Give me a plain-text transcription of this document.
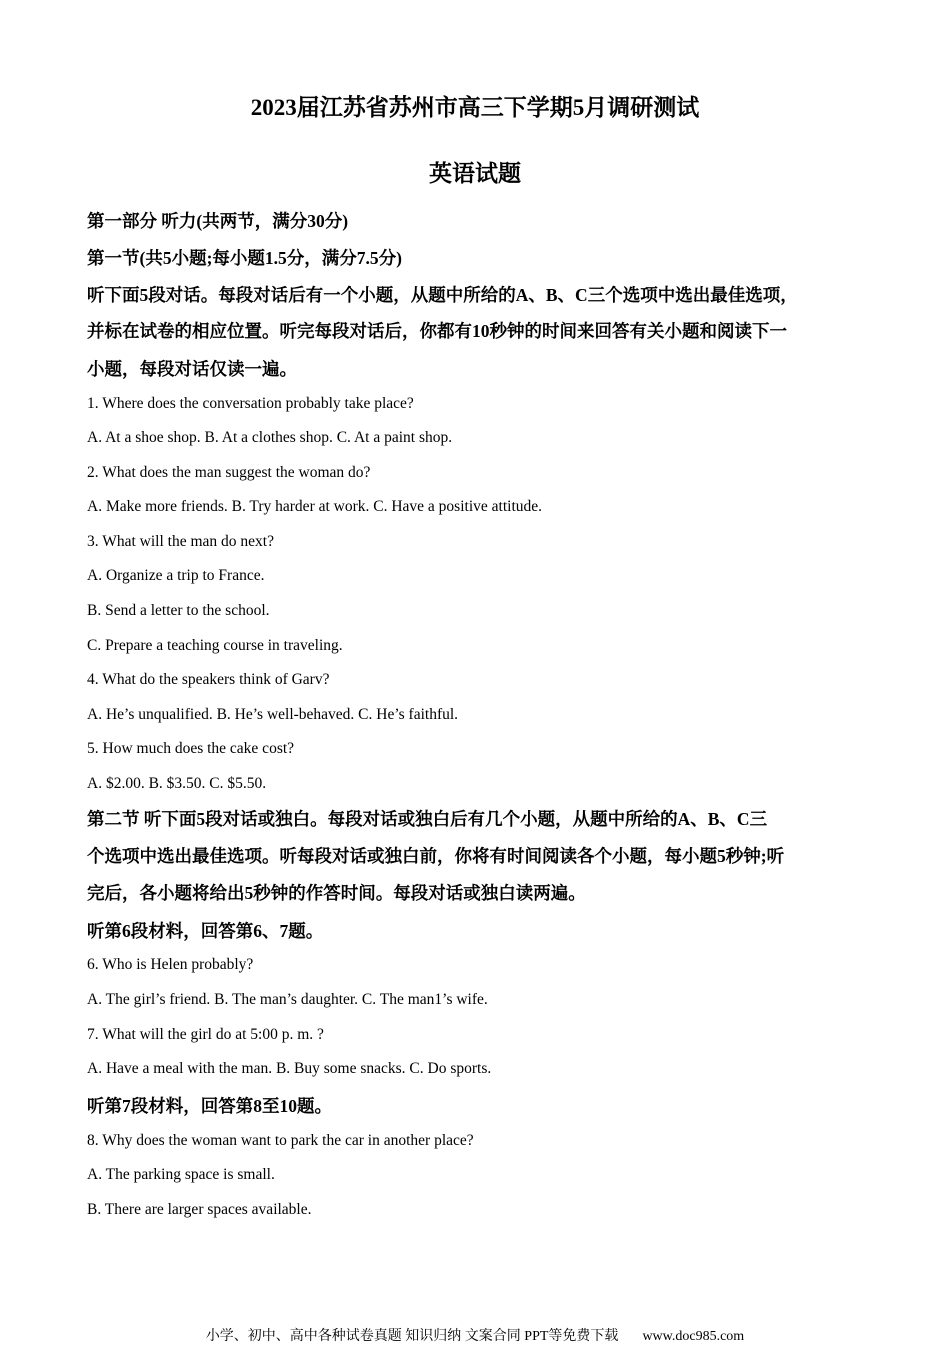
2023届江苏省苏州市高三下学期5月调研测试
英语试题
第一部分 听力(共两节，满分30分)
第一节(共5小题;每小题1.5分，满分7.5分)
听下面5段对话。每段对话后有一个小题，从题中所给的A、B、C三个选项中选出最佳选项，
并标在试卷的相应位置。听完每段对话后，你都有10秒钟的时间来回答有关小题和阅读下一
小题，每段对话仅读一遍。
1. Where does the conversation probably take place?
A. At a shoe shop. B. At a clothes shop. C. At a paint shop.
2. What does the man suggest the woman do?
A. Make more friends. B. Try harder at work. C. Have a positive attitude.
3. What will the man do next?
A. Organize a trip to France.
B. Send a letter to the school.
C. Prepare a teaching course in traveling.
4. What do the speakers think of Garv?
A. He’s unqualified. B. He’s well-behaved. C. He’s faithful.
5. How much does the cake cost?
A. $2.00. B. $3.50. C. $5.50.
第二节 听下面5段对话或独白。每段对话或独白后有几个小题，从题中所给的A、B、C三
个选项中选出最佳选项。听每段对话或独白前，你将有时间阅读各个小题，每小题5秒钟;听
完后，各小题将给出5秒钟的作答时间。每段对话或独白读两遍。
听第6段材料，回答第6、7题。
6. Who is Helen probably?
A. The girl’s friend. B. The man’s daughter. C. The man1’s wife.
7. What will the girl do at 5:00 p. m. ?
A. Have a meal with the man. B. Buy some snacks. C. Do sports.
听第7段材料，回答第8至10题。
8. Why does the woman want to park the car in another place?
A. The parking space is small.
B. There are larger spaces available.
小学、初中、高中各种试卷真题 知识归纳 文案合同 PPT等免费下载 www.doc985.com
